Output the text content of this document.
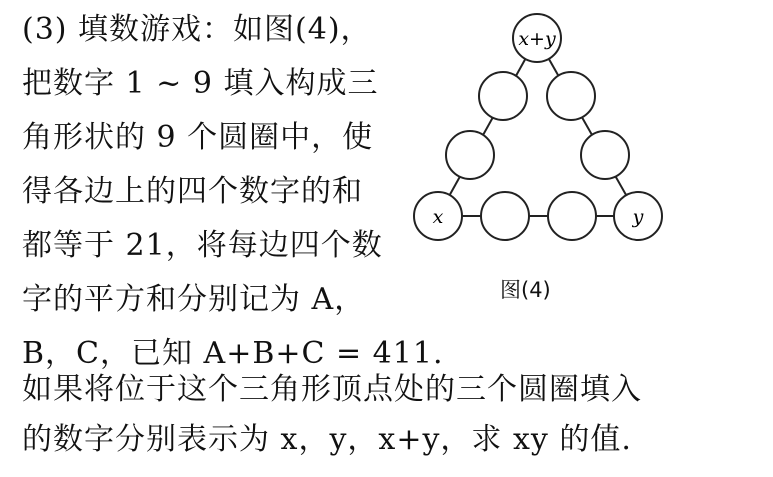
(3) 填数游戏：如图(4)，
把数字 1 ~ 9 填入构成三
角形状的 9 个圆圈中，使
得各边上的四个数字的和
都等于 21，将每边四个数
字的平方和分别记为 A，
B，C，已知 A+B+C = 411.
如果将位于这个三角形顶点处的三个圆圈填入
的数字分别表示为 x，y，x+y，求 xy 的值.
x+y
x	y
图(4)
